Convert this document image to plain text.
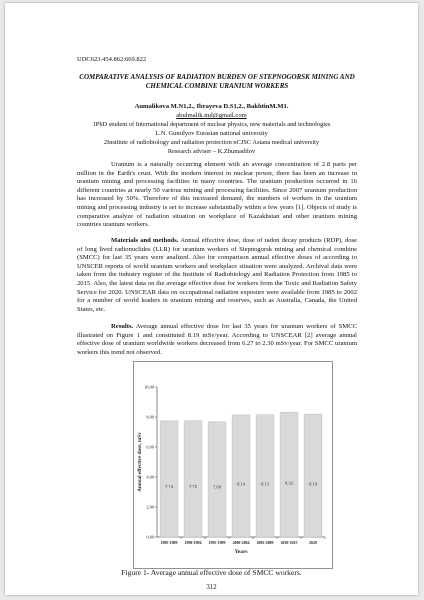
UDC623.454.862:669.822
COMPARATIVE ANALYSIS OF RADIATION BURDEN OF STEPNOGORSK MINING AND CHEMICAL COMBINE URANIUM WORKERS
Aumalikova M.N1,2., Ibrayeva D.S1,2., BakhtinM.M1.
abulmalik.md@gmail.com
1PhD student of International department of nuclear physics, new materials and technologies
L.N. Gumilyov Eurasian national university
2Institute of radiobiology and radiation protection nCJSC Astana medical university
Research adviser – K.Zhumadilov
Uranium is a naturally occurring element with an average concentration of 2.8 parts per million in the Earth's crust. With the modern interest in nuclear power, there has been an increase in uranium mining and processing facilities in many countries. The uranium production occurred in 16 different countries at nearly 50 various mining and processing facilities. Since 2007 uranium production has increased by 50%. Therefore of this increased demand, the numbers of workers in the uranium mining and processing industry is set to increase substantially within a few years [1]. Objects of study is comparative analyze of radiation situation on workplace of Kazakhstan and other uranium mining countries uranium workers.
Materials and methods. Annual effective dose, dose of radon decay products (RDP), dose of long lived radionuclides (LLR) for uranium workers of Stepnogorsk mining and chemical combine (SMCC) for last 35 years were analized. Also for comparison annual effective doses of according to UNSCER reports of world uranium workers and workplace situation were analyzed. Archival data were taken from the industry register of the Institute of Radiobiology and Radiation Protection from 1985 to 2015. Also, the latest data on the average effective dose for workers from the Toxic and Radiation Safety Service for 2020. UNSCEAR data on occupational radiation exposure were available from 1985 to 2002 for a number of world leaders in uranium mining and reserves, such as Australia, Canada, the United States, etc.
Results. Average annual effective dose for last 35 years for uranium workers of SMCC illustrated on Figure 1 and constituted 8.19 mSv/year. According to UNSCEAR [2] average annual effective dose of uranium worldwide workers decreased from 6.27 to 2.30 mSv/year. For SMCC uranium workers this trend not observed.
0,00
2,00
4,00
6,00
8,00
10,00
7,74
1985-1989
7,75
1990-1994
7,68
1995-1999
8,14
2000-2004
8,15
2005-2009
8,32
2010-2015
8,19
2020
Years
Annual effective dose, mSv
Figure 1- Average annual effective dose of SMCC workers.
312
